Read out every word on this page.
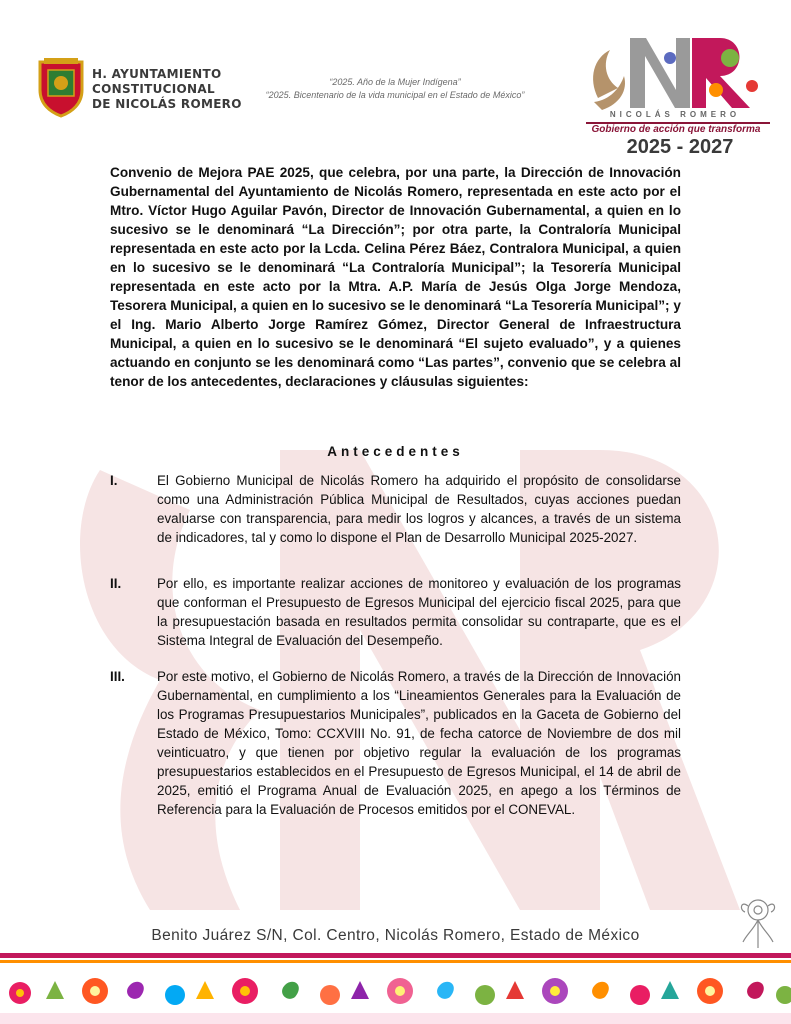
H. AYUNTAMIENTO
CONSTITUCIONAL
DE NICOLÁS ROMERO
“2025. Año de la Mujer Indígena”
“2025. Bicentenario de la vida municipal en el Estado de México”
NICOLÁS ROMERO
Gobierno de acción que transforma
2025 - 2027
Convenio de Mejora PAE 2025, que celebra, por una parte, la Dirección de Innovación Gubernamental del Ayuntamiento de Nicolás Romero, representada en este acto por el Mtro. Víctor Hugo Aguilar Pavón, Director de Innovación Gubernamental, a quien en lo sucesivo se le denominará “La Dirección”; por otra parte, la Contraloría Municipal representada en este acto por la Lcda. Celina Pérez Báez, Contralora Municipal, a quien en lo sucesivo se le denominará “La Contraloría Municipal”; la Tesorería Municipal representada en este acto por la Mtra. A.P. María de Jesús Olga Jorge Mendoza, Tesorera Municipal, a quien en lo sucesivo se le denominará “La Tesorería Municipal”; y el Ing. Mario Alberto Jorge Ramírez Gómez, Director General de Infraestructura Municipal, a quien en lo sucesivo se le denominará “El sujeto evaluado”, y a quienes actuando en conjunto se les denominará como “Las partes”, convenio que se celebra al tenor de los antecedentes, declaraciones y cláusulas siguientes:
Antecedentes
I.	El Gobierno Municipal de Nicolás Romero ha adquirido el propósito de consolidarse como una Administración Pública Municipal de Resultados, cuyas acciones puedan evaluarse con transparencia, para medir los logros y alcances, a través de un sistema de indicadores, tal y como lo dispone el Plan de Desarrollo Municipal 2025-2027.
II.	Por ello, es importante realizar acciones de monitoreo y evaluación de los programas que conforman el Presupuesto de Egresos Municipal del ejercicio fiscal 2025, para que la presupuestación basada en resultados permita consolidar su contraparte, que es el Sistema Integral de Evaluación del Desempeño.
III. Por este motivo, el Gobierno de Nicolás Romero, a través de la Dirección de Innovación Gubernamental, en cumplimiento a los “Lineamientos Generales para la Evaluación de los Programas Presupuestarios Municipales”, publicados en la Gaceta de Gobierno del Estado de México, Tomo: CCXVIII No. 91, de fecha catorce de Noviembre de dos mil veinticuatro, y que tienen por objetivo regular la evaluación de los programas presupuestarios establecidos en el Presupuesto de Egresos Municipal, el 14 de abril de 2025, emitió el Programa Anual de Evaluación 2025, en apego a los Términos de Referencia para la Evaluación de Procesos emitidos por el CONEVAL.
Benito Juárez S/N, Col. Centro, Nicolás Romero, Estado de México
